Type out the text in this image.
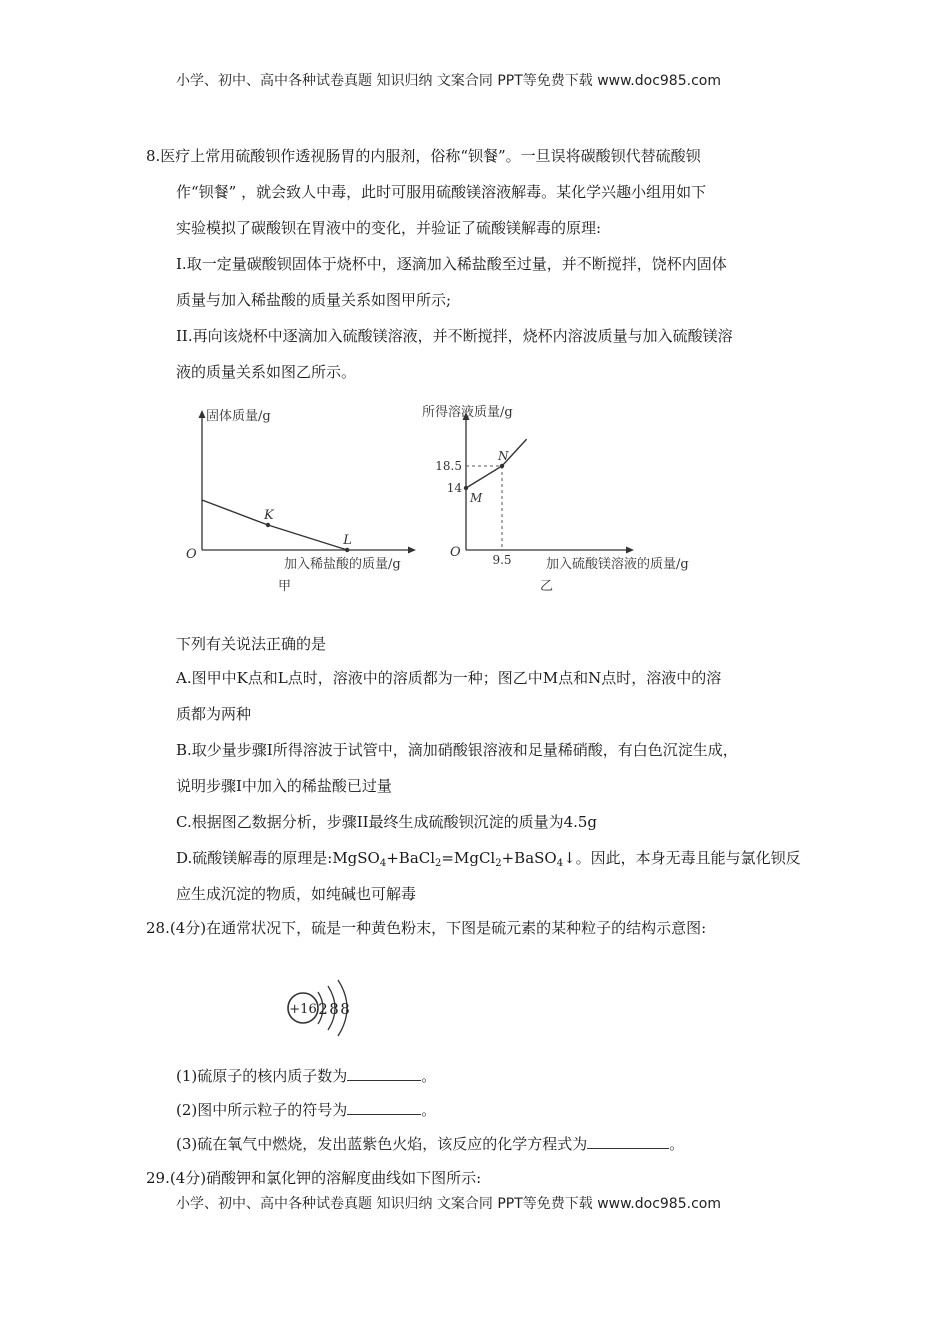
小学、初中、高中各种试卷真题 知识归纳 文案合同 PPT等免费下载 www.doc985.com
8.医疗上常用硫酸钡作透视肠胃的内服剂，俗称“钡餐”。一旦误将碳酸钡代替硫酸钡
作“钡餐” ，就会致人中毒，此时可服用硫酸镁溶液解毒。某化学兴趣小组用如下
实验模拟了碳酸钡在胃液中的变化，并验证了硫酸镁解毒的原理:
I.取一定量碳酸钡固体于烧杯中，逐滴加入稀盐酸至过量，并不断搅拌，饶杯内固体
质量与加入稀盐酸的质量关系如图甲所示;
II.再向该烧杯中逐滴加入硫酸镁溶液，并不断搅拌，烧杯内溶波质量与加入硫酸镁溶
液的质量关系如图乙所示。
固体质量/g
加入稀盐酸的质量/g
甲
O
K
L
所得溶液质量/g
加入硫酸镁溶液的质量/g
乙
O
14
18.5
9.5
M
N
下列有关说法正确的是
A.图甲中K点和L点时，溶液中的溶质都为一种；图乙中M点和N点时，溶液中的溶
质都为两种
B.取少量步骤I所得溶波于试管中，滴加硝酸银溶液和足量稀硝酸，有白色沉淀生成，
说明步骤I中加入的稀盐酸已过量
C.根据图乙数据分析，步骤II最终生成硫酸钡沉淀的质量为4.5g
D.硫酸镁解毒的原理是:MgSO$_4$+BaCl$_2$=MgCl$_2$+BaSO$_4$↓。因此，本身无毒且能与氯化钡反
应生成沉淀的物质，如纯碱也可解毒
28.(4分)在通常状况下，硫是一种黄色粉末，下图是硫元素的某种粒子的结构示意图:
+16 2 8 8
(1)硫原子的核内质子数为	。
(2)图中所示粒子的符号为	。
(3)硫在氧气中燃烧，发出蓝紫色火焰，该反应的化学方程式为	。
29.(4分)硝酸钾和氯化钾的溶解度曲线如下图所示:
小学、初中、高中各种试卷真题 知识归纳 文案合同 PPT等免费下载 www.doc985.com
